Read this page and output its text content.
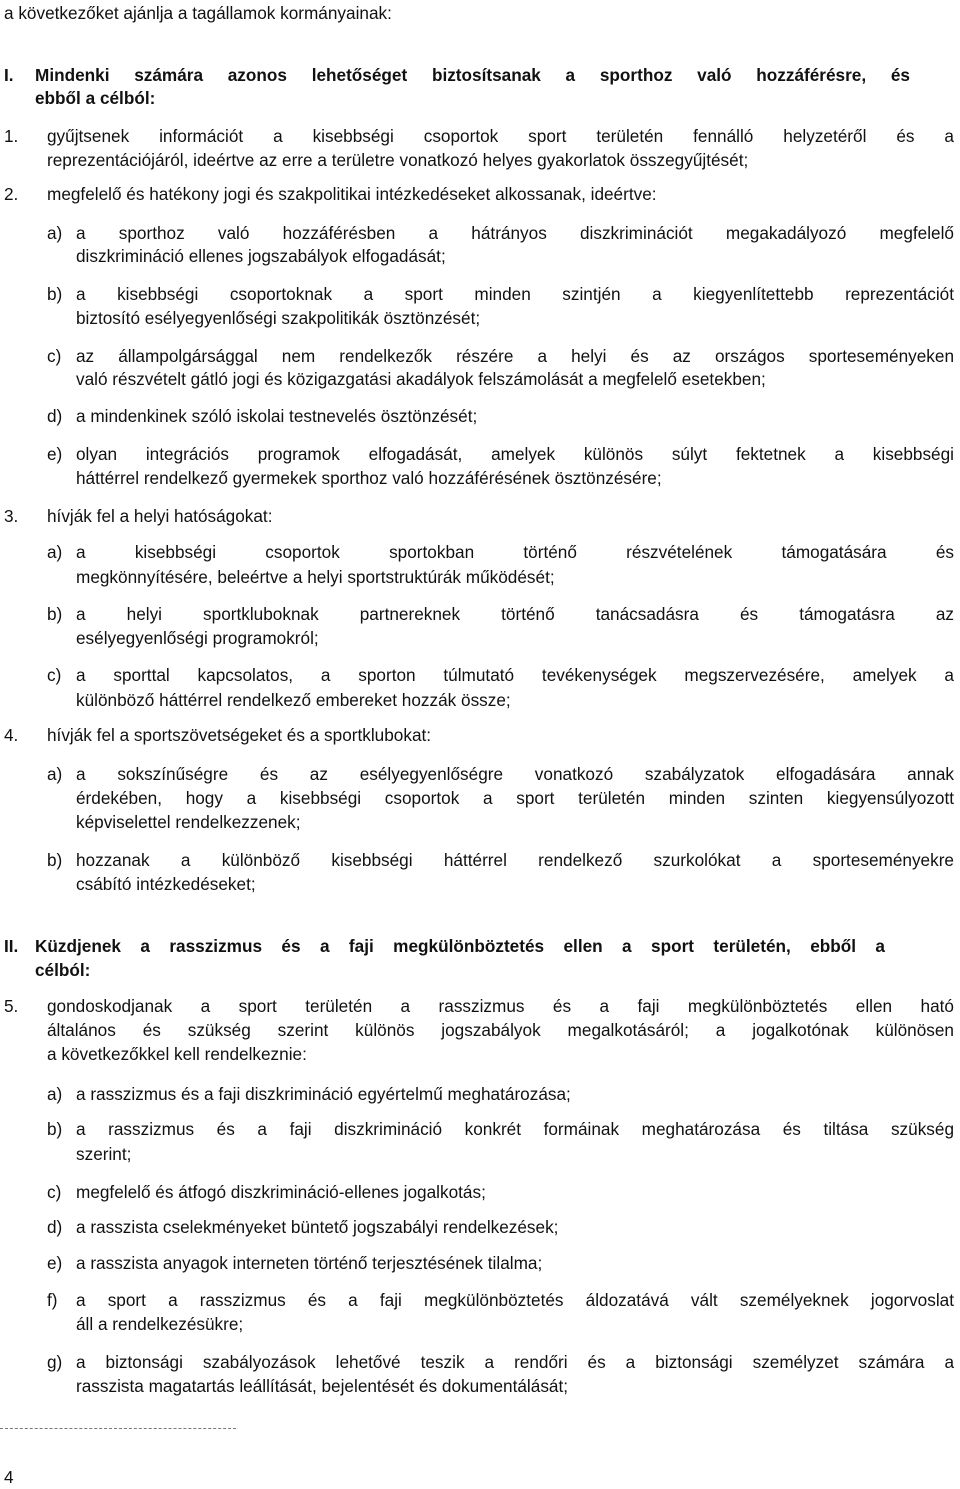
a következőket ajánlja a tagállamok kormányainak:
I. Mindenki számára azonos lehetőséget biztosítsanak a sporthoz való hozzáférésre, és
ebből a célból:
1. gyűjtsenek információt a kisebbségi csoportok sport területén fennálló helyzetéről és a
reprezentációjáról, ideértve az erre a területre vonatkozó helyes gyakorlatok összegyűjtését;
2. megfelelő és hatékony jogi és szakpolitikai intézkedéseket alkossanak, ideértve:
a) a sporthoz való hozzáférésben a hátrányos diszkriminációt megakadályozó megfelelő
diszkrimináció ellenes jogszabályok elfogadását;
b) a kisebbségi csoportoknak a sport minden szintjén a kiegyenlítettebb reprezentációt
biztosító esélyegyenlőségi szakpolitikák ösztönzését;
c) az állampolgársággal nem rendelkezők részére a helyi és az országos sporteseményeken
való részvételt gátló jogi és közigazgatási akadályok felszámolását a megfelelő esetekben;
d) a mindenkinek szóló iskolai testnevelés ösztönzését;
e) olyan integrációs programok elfogadását, amelyek különös súlyt fektetnek a kisebbségi
háttérrel rendelkező gyermekek sporthoz való hozzáférésének ösztönzésére;
3. hívják fel a helyi hatóságokat:
a) a kisebbségi csoportok sportokban történő részvételének támogatására és
megkönnyítésére, beleértve a helyi sportstruktúrák működését;
b) a helyi sportkluboknak partnereknek történő tanácsadásra és támogatásra az
esélyegyenlőségi programokról;
c) a sporttal kapcsolatos, a sporton túlmutató tevékenységek megszervezésére, amelyek a
különböző háttérrel rendelkező embereket hozzák össze;
4. hívják fel a sportszövetségeket és a sportklubokat:
a) a sokszínűségre és az esélyegyenlőségre vonatkozó szabályzatok elfogadására annak
érdekében, hogy a kisebbségi csoportok a sport területén minden szinten kiegyensúlyozott
képviselettel rendelkezzenek;
b) hozzanak a különböző kisebbségi háttérrel rendelkező szurkolókat a sporteseményekre
csábító intézkedéseket;
II. Küzdjenek a rasszizmus és a faji megkülönböztetés ellen a sport területén, ebből a
célból:
5. gondoskodjanak a sport területén a rasszizmus és a faji megkülönböztetés ellen ható
általános és szükség szerint különös jogszabályok megalkotásáról; a jogalkotónak különösen
a következőkkel kell rendelkeznie:
a) a rasszizmus és a faji diszkrimináció egyértelmű meghatározása;
b) a rasszizmus és a faji diszkrimináció konkrét formáinak meghatározása és tiltása szükség
szerint;
c) megfelelő és átfogó diszkrimináció-ellenes jogalkotás;
d) a rasszista cselekményeket büntető jogszabályi rendelkezések;
e) a rasszista anyagok interneten történő terjesztésének tilalma;
f) a sport a rasszizmus és a faji megkülönböztetés áldozatává vált személyeknek jogorvoslat
áll a rendelkezésükre;
g) a biztonsági szabályozások lehetővé teszik a rendőri és a biztonsági személyzet számára a
rasszista magatartás leállítását, bejelentését és dokumentálását;
4
